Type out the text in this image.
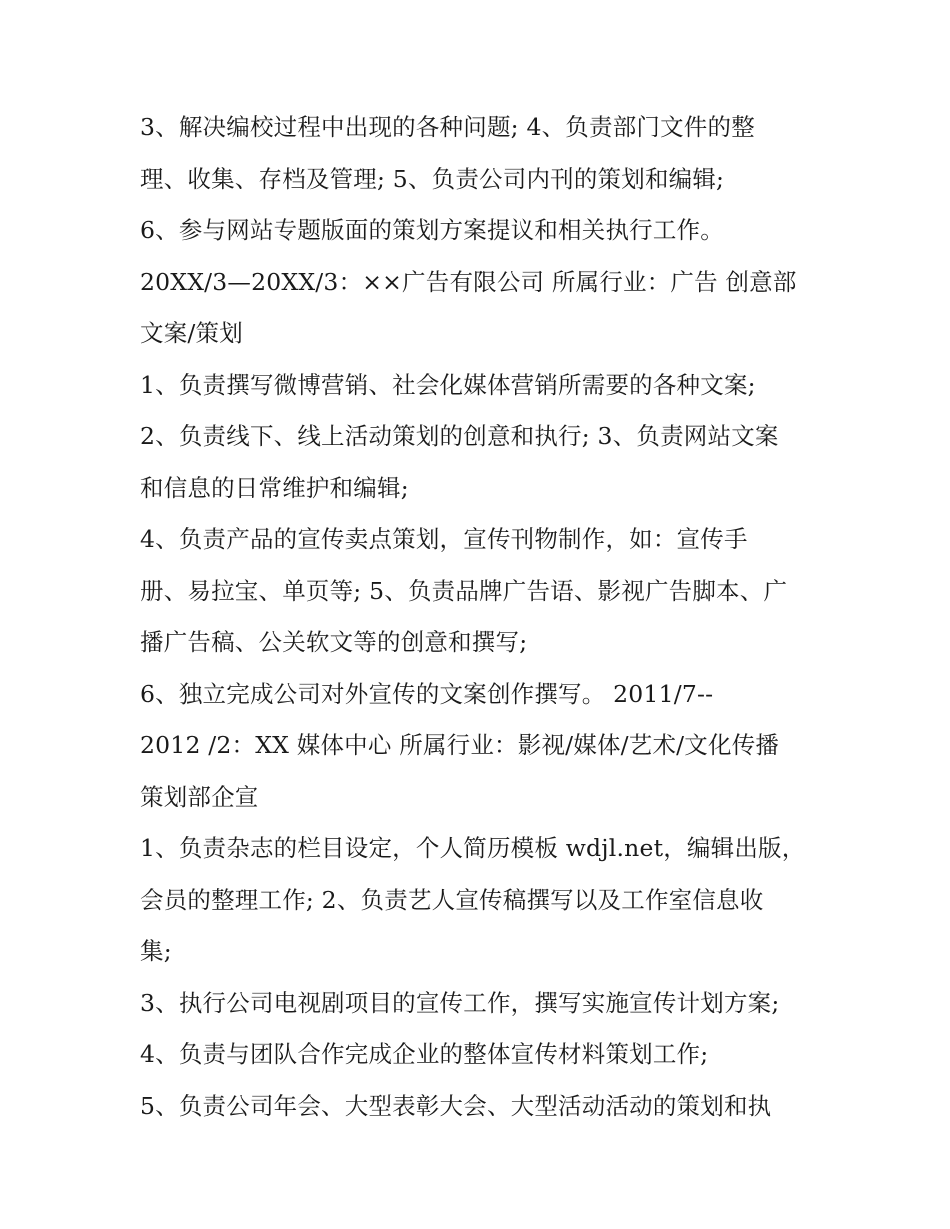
3、解决编校过程中出现的各种问题; 4、负责部门文件的整
理、收集、存档及管理; 5、负责公司内刊的策划和编辑;
6、参与网站专题版面的策划方案提议和相关执行工作。
20XX/3—20XX/3：××广告有限公司 所属行业：广告 创意部
文案/策划
1、负责撰写微博营销、社会化媒体营销所需要的各种文案;
2、负责线下、线上活动策划的创意和执行; 3、负责网站文案
和信息的日常维护和编辑;
4、负责产品的宣传卖点策划，宣传刊物制作，如：宣传手
册、易拉宝、单页等; 5、负责品牌广告语、影视广告脚本、广
播广告稿、公关软文等的创意和撰写;
6、独立完成公司对外宣传的文案创作撰写。 2011/7--
2012 /2：XX 媒体中心 所属行业：影视/媒体/艺术/文化传播
策划部企宣
1、负责杂志的栏目设定，个人简历模板 wdjl.net，编辑出版，
会员的整理工作; 2、负责艺人宣传稿撰写以及工作室信息收
集;
3、执行公司电视剧项目的宣传工作，撰写实施宣传计划方案;
4、负责与团队合作完成企业的整体宣传材料策划工作;
5、负责公司年会、大型表彰大会、大型活动活动的策划和执
